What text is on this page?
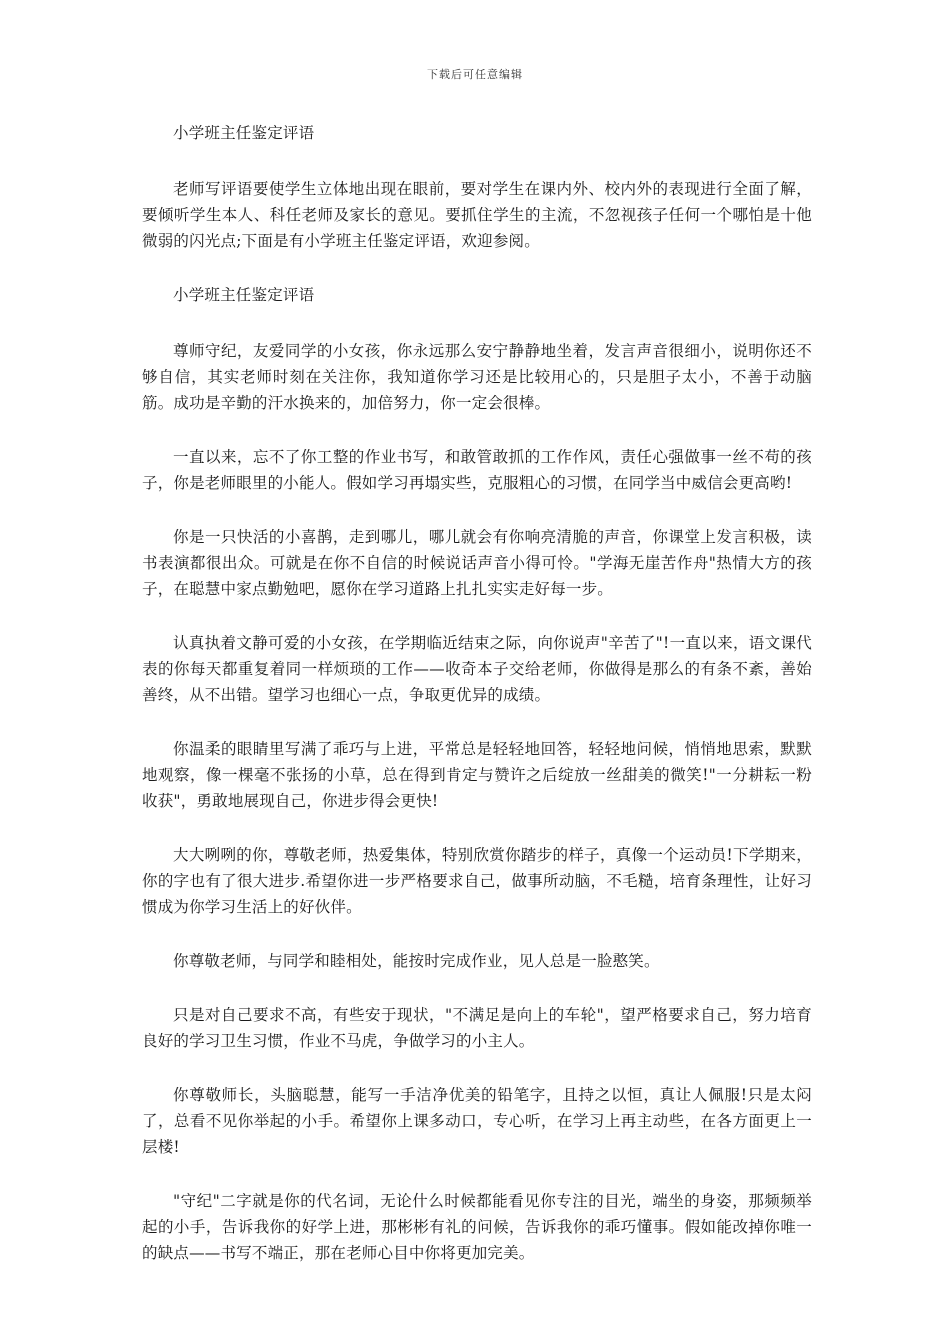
下载后可任意编辑

小学班主任鉴定评语

老师写评语要使学生立体地出现在眼前，要对学生在课内外、校内外的表现进行全面了解，要倾听学生本人、科任老师及家长的意见。要抓住学生的主流，不忽视孩子任何一个哪怕是十他微弱的闪光点;下面是有小学班主任鉴定评语，欢迎参阅。

小学班主任鉴定评语

尊师守纪，友爱同学的小女孩，你永远那么安宁静静地坐着，发言声音很细小，说明你还不够自信，其实老师时刻在关注你，我知道你学习还是比较用心的，只是胆子太小，不善于动脑筋。成功是辛勤的汗水换来的，加倍努力，你一定会很棒。

一直以来，忘不了你工整的作业书写，和敢管敢抓的工作作风，责任心强做事一丝不苟的孩子，你是老师眼里的小能人。假如学习再塌实些，克服粗心的习惯，在同学当中威信会更高哟!

你是一只快活的小喜鹊，走到哪儿，哪儿就会有你响亮清脆的声音，你课堂上发言积极，读书表演都很出众。可就是在你不自信的时候说话声音小得可怜。"学海无崖苦作舟"热情大方的孩子，在聪慧中家点勤勉吧，愿你在学习道路上扎扎实实走好每一步。

认真执着文静可爱的小女孩，在学期临近结束之际，向你说声"辛苦了"!一直以来，语文课代表的你每天都重复着同一样烦琐的工作——收奇本子交给老师，你做得是那么的有条不紊，善始善终，从不出错。望学习也细心一点，争取更优异的成绩。

你温柔的眼睛里写满了乖巧与上进，平常总是轻轻地回答，轻轻地问候，悄悄地思索，默默地观察，像一棵毫不张扬的小草，总在得到肯定与赞许之后绽放一丝甜美的微笑!"一分耕耘一粉收获"，勇敢地展现自己，你进步得会更快!

大大咧咧的你，尊敬老师，热爱集体，特别欣赏你踏步的样子，真像一个运动员!下学期来，你的字也有了很大进步.希望你进一步严格要求自己，做事所动脑，不毛糙，培育条理性，让好习惯成为你学习生活上的好伙伴。

你尊敬老师，与同学和睦相处，能按时完成作业，见人总是一脸憨笑。

只是对自己要求不高，有些安于现状，"不满足是向上的车轮"，望严格要求自己，努力培育良好的学习卫生习惯，作业不马虎，争做学习的小主人。

你尊敬师长，头脑聪慧，能写一手洁净优美的铅笔字，且持之以恒，真让人佩服!只是太闷了，总看不见你举起的小手。希望你上课多动口，专心听，在学习上再主动些，在各方面更上一层楼!

"守纪"二字就是你的代名词，无论什么时候都能看见你专注的目光，端坐的身姿，那频频举起的小手，告诉我你的好学上进，那彬彬有礼的问候，告诉我你的乖巧懂事。假如能改掉你唯一的缺点——书写不端正，那在老师心目中你将更加完美。
